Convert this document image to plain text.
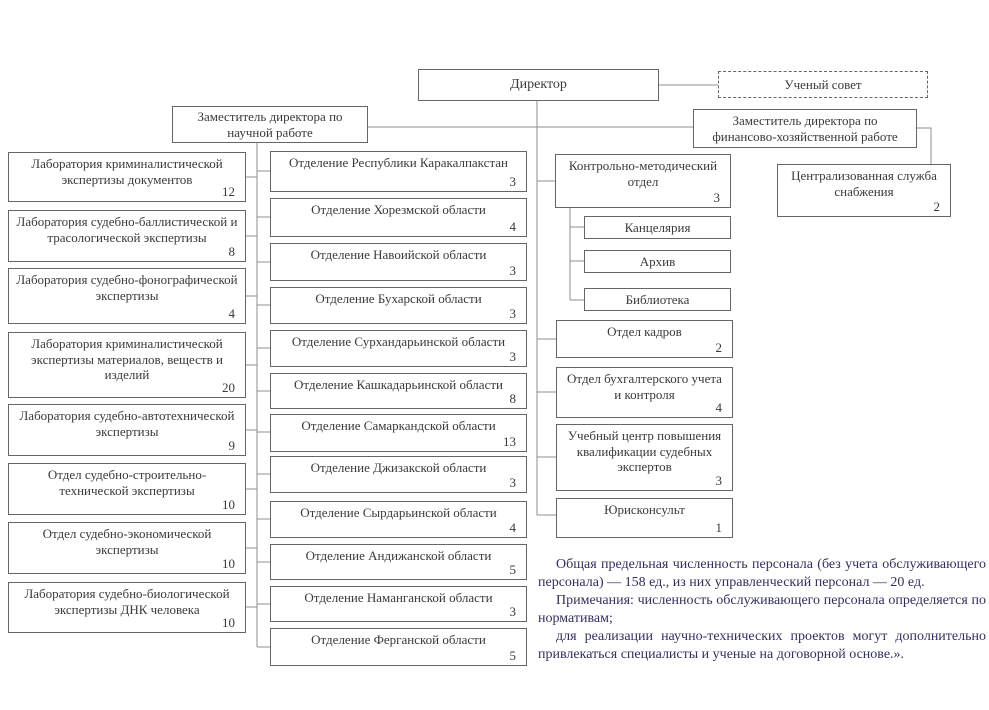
Директор	Ученый совет
Заместитель директора по научной работе
Заместитель директора по финансово-хозяйственной работе
Централизованная служба снабжения
2
Лаборатория криминалистической экспертизы документов
12
Лаборатория судебно-баллистической и трасологической экспертизы
8
Лаборатория судебно-фонографической экспертизы
4
Лаборатория криминалистической экспертизы материалов, веществ и изделий
20
Лаборатория судебно-автотехнической экспертизы
9
Отдел судебно-строительно-технической экспертизы
10
Отдел судебно-экономической экспертизы
10
Лаборатория судебно-биологической экспертизы ДНК человека
10
Отделение Республики Каракалпакстан
3
Отделение Хорезмской области
4
Отделение Навоийской области
3
Отделение Бухарской области
3
Отделение Сурхандарьинской области
3
Отделение Кашкадарьинской области
8
Отделение Самаркандской области
13
Отделение Джизакской области
3
Отделение Сырдарьинской области
4
Отделение Андижанской области
5
Отделение Наманганской области
3
Отделение Ферганской области
5
Контрольно-методический отдел
3
Канцелярия
Архив
Библиотека
Отдел кадров
2
Отдел бухгалтерского учета и контроля
4
Учебный центр повышения квалификации судебных экспертов
3
Юрисконсульт
1

Общая предельная численность персонала (без учета обслуживающего персонала) — 158 ед., из них управленческий персонал — 20 ед.

Примечания: численность обслуживающего персонала определяется по нормативам;

для реализации научно-технических проектов могут дополнительно привлекаться специалисты и ученые на договорной основе.».
